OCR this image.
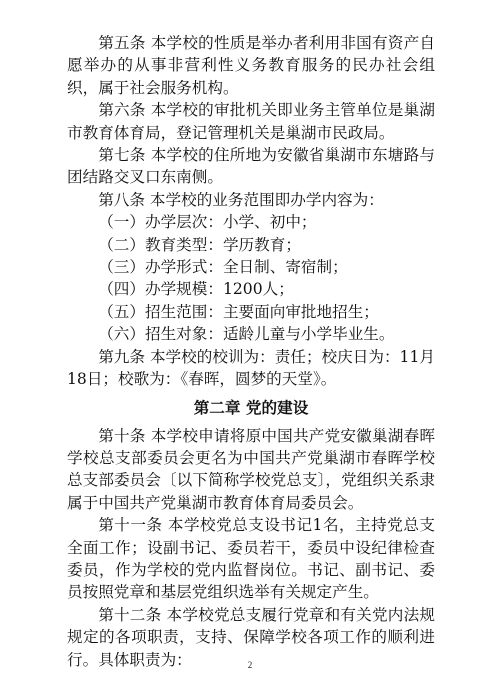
第五条 本学校的性质是举办者利用非国有资产自愿举办的从事非营利性义务教育服务的民办社会组织，属于社会服务机构。

第六条 本学校的审批机关即业务主管单位是巢湖市教育体育局，登记管理机关是巢湖市民政局。

第七条 本学校的住所地为安徽省巢湖市东塘路与团结路交叉口东南侧。

第八条 本学校的业务范围即办学内容为：

（一）办学层次：小学、初中；

（二）教育类型：学历教育；

（三）办学形式：全日制、寄宿制；

（四）办学规模：1200人；

（五）招生范围：主要面向审批地招生；

（六）招生对象：适龄儿童与小学毕业生。

第九条 本学校的校训为：责任；校庆日为：11月18日；校歌为：《春晖，圆梦的天堂》。

第二章 党的建设

第十条 本学校申请将原中国共产党安徽巢湖春晖学校总支部委员会更名为中国共产党巢湖市春晖学校总支部委员会〔以下简称学校党总支〕，党组织关系隶属于中国共产党巢湖市教育体育局委员会。

第十一条 本学校党总支设书记1名，主持党总支全面工作；设副书记、委员若干，委员中设纪律检查委员，作为学校的党内监督岗位。书记、副书记、委员按照党章和基层党组织选举有关规定产生。

第十二条 本学校党总支履行党章和有关党内法规规定的各项职责，支持、保障学校各项工作的顺利进行。具体职责为：	2
